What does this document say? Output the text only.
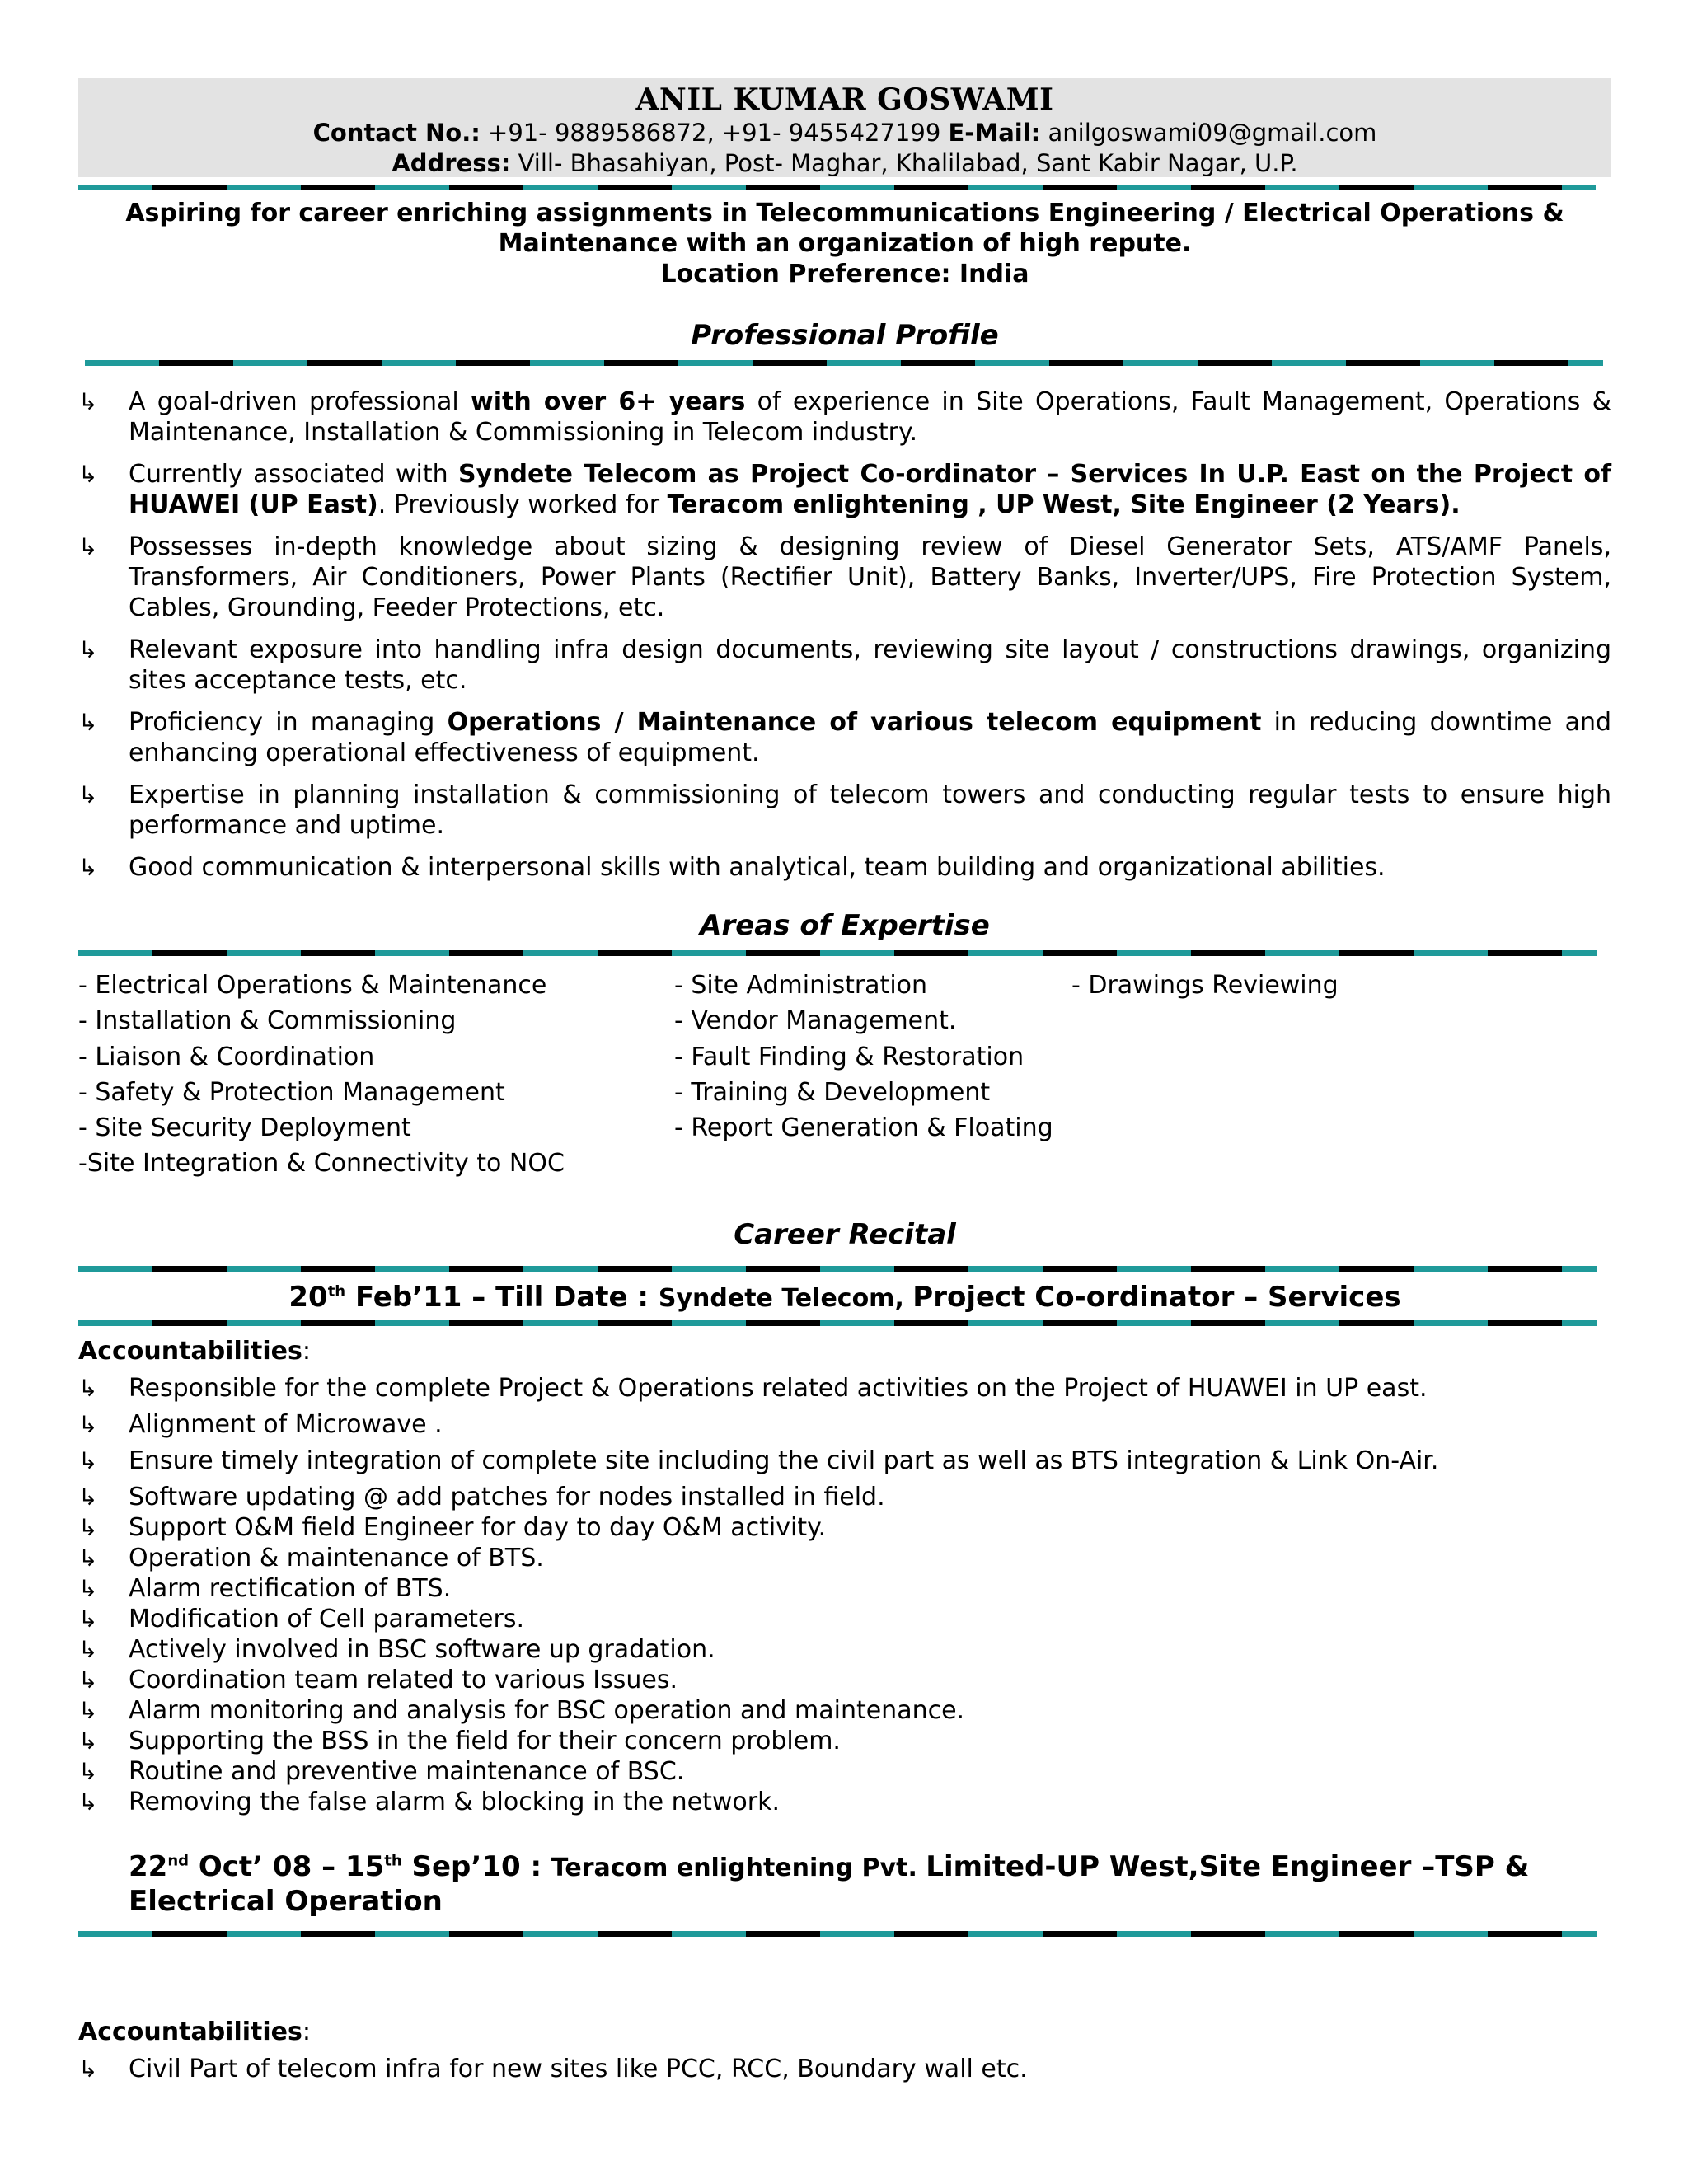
ANIL KUMAR GOSWAMI
Contact No.: +91- 9889586872, +91- 9455427199 E-Mail: anilgoswami09@gmail.com
Address: Vill- Bhasahiyan, Post- Maghar, Khalilabad, Sant Kabir Nagar, U.P.
Aspiring for career enriching assignments in Telecommunications Engineering / Electrical Operations &
Maintenance with an organization of high repute.
Location Preference: India
Professional Profile
↳ A goal-driven professional with over 6+ years of experience in Site Operations, Fault Management, Operations & Maintenance, Installation & Commissioning in Telecom industry.
↳ Currently associated with Syndete Telecom as Project Co-ordinator – Services In U.P. East on the Project of HUAWEI (UP East). Previously worked for Teracom enlightening , UP West, Site Engineer (2 Years).
↳ Possesses in-depth knowledge about sizing & designing review of Diesel Generator Sets, ATS/AMF Panels, Transformers, Air Conditioners, Power Plants (Rectifier Unit), Battery Banks, Inverter/UPS, Fire Protection System, Cables, Grounding, Feeder Protections, etc.
↳ Relevant exposure into handling infra design documents, reviewing site layout / constructions drawings, organizing sites acceptance tests, etc.
↳ Proficiency in managing Operations / Maintenance of various telecom equipment in reducing downtime and enhancing operational effectiveness of equipment.
↳ Expertise in planning installation & commissioning of telecom towers and conducting regular tests to ensure high performance and uptime.
↳ Good communication & interpersonal skills with analytical, team building and organizational abilities.
Areas of Expertise
- Electrical Operations & Maintenance
- Installation & Commissioning
- Liaison & Coordination
- Safety & Protection Management
- Site Security Deployment
-Site Integration & Connectivity to NOC
- Site Administration
- Vendor Management.
- Fault Finding & Restoration
- Training & Development
- Report Generation & Floating
- Drawings Reviewing
Career Recital
20th Feb’11 – Till Date : Syndete Telecom, Project Co-ordinator – Services
Accountabilities:
↳ Responsible for the complete Project & Operations related activities on the Project of HUAWEI in UP east.
↳ Alignment of Microwave .
↳ Ensure timely integration of complete site including the civil part as well as BTS integration & Link On-Air.
↳ Software updating @ add patches for nodes installed in field.
↳ Support O&M field Engineer for day to day O&M activity.
↳ Operation & maintenance of BTS.
↳ Alarm rectification of BTS.
↳ Modification of Cell parameters.
↳ Actively involved in BSC software up gradation.
↳ Coordination team related to various Issues.
↳ Alarm monitoring and analysis for BSC operation and maintenance.
↳ Supporting the BSS in the field for their concern problem.
↳ Routine and preventive maintenance of BSC.
↳ Removing the false alarm & blocking in the network.
22nd Oct’ 08 – 15th Sep’10 : Teracom enlightening Pvt. Limited-UP West,Site Engineer –TSP &
Electrical Operation
Accountabilities:
↳ Civil Part of telecom infra for new sites like PCC, RCC, Boundary wall etc.
